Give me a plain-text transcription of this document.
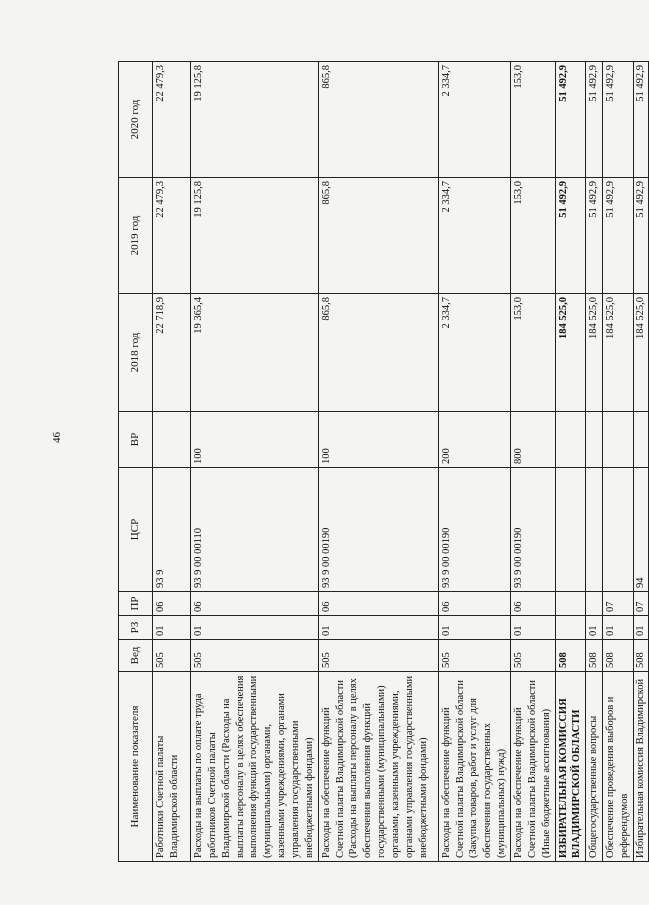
46
Наименование показателя	Вед	РЗ	ПР	ЦСР	ВР	2018 год	2019 год	2020 год
Работники Счетной палаты Владимирской области	505	01	06	93 9		22 718,9	22 479,3	22 479,3
Расходы на выплаты по оплате труда работников Счетной палаты Владимирской области (Расходы на выплаты персоналу в целях обеспечения выполнения функций государственными (муниципальными) органами, казенными учреждениями, органами управления государственными внебюджетными фондами)	505	01	06	93 9 00 00110	100	19 365,4	19 125,8	19 125,8
Расходы на обеспечение функций Счетной палаты Владимирской области (Расходы на выплаты персоналу в целях обеспечения выполнения функций государственными (муниципальными) органами, казенными учреждениями, органами управления государственными внебюджетными фондами)	505	01	06	93 9 00 00190	100	865,8	865,8	865,8
Расходы на обеспечение функций Счетной палаты Владимирской области (Закупка товаров, работ и услуг для обеспечения государственных (муниципальных) нужд)	505	01	06	93 9 00 00190	200	2 334,7	2 334,7	2 334,7
Расходы на обеспечение функций Счетной палаты Владимирской области (Иные бюджетные ассигнования)	505	01	06	93 9 00 00190	800	153,0	153,0	153,0
ИЗБИРАТЕЛЬНАЯ КОМИССИЯ ВЛАДИМИРСКОЙ ОБЛАСТИ	508					184 525,0	51 492,9	51 492,9
Общегосударственные вопросы	508	01				184 525,0	51 492,9	51 492,9
Обеспечение проведения выборов и референдумов	508	01	07			184 525,0	51 492,9	51 492,9
Избирательная комиссия Владимирской	508	01	07	94		184 525,0	51 492,9	51 492,9
